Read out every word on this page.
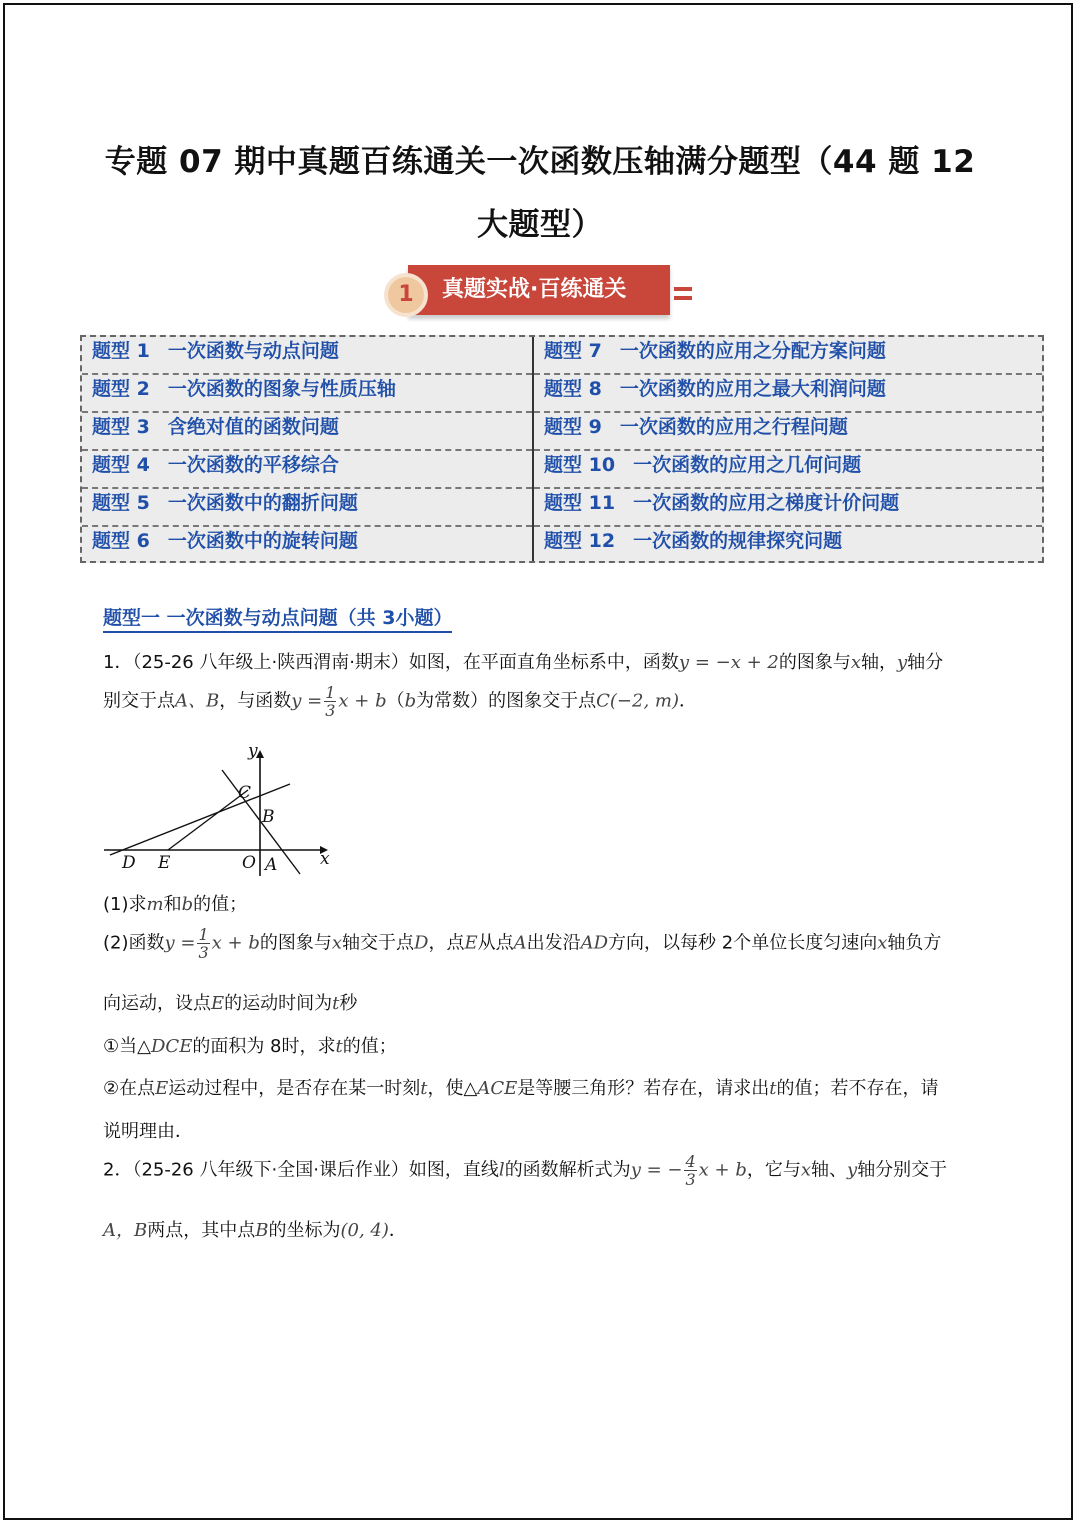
专题 07 期中真题百练通关一次函数压轴满分题型（44 题 12
大题型）
真题实战·百练通关
1
题型 1 一次函数与动点问题
题型 2 一次函数的图象与性质压轴
题型 3 含绝对值的函数问题
题型 4 一次函数的平移综合
题型 5 一次函数中的翻折问题
题型 6 一次函数中的旋转问题
题型 7 一次函数的应用之分配方案问题
题型 8 一次函数的应用之最大利润问题
题型 9 一次函数的应用之行程问题
题型 10 一次函数的应用之几何问题
题型 11 一次函数的应用之梯度计价问题
题型 12 一次函数的规律探究问题
题型一 一次函数与动点问题（共 3小题）
1．（25-26 八年级上·陕西渭南·期末）如图，在平面直角坐标系中，函数y = −x + 2的图象与x轴，y轴分
别交于点A、B，与函数$y = \frac{1}{3}$ x + b（b为常数）的图象交于点C(−2, m)．
y
x
C
B
D E	O A
(1)求m和b的值；
(2)函数$y = \frac{1}{3}$ x + b的图象与x轴交于点D，点E从点A出发沿AD方向，以每秒 2个单位长度匀速向x轴负方
向运动，设点E的运动时间为t秒
①当△DCE的面积为 8时，求t的值；
②在点E运动过程中，是否存在某一时刻t，使△ACE是等腰三角形？若存在，请求出t的值；若不存在，请
说明理由．
2．（25-26 八年级下·全国·课后作业）如图，直线l的函数解析式为y = − $\frac{4}{3}$ x + b，它与x轴、y轴分别交于
A，B两点，其中点B的坐标为(0, 4)．
